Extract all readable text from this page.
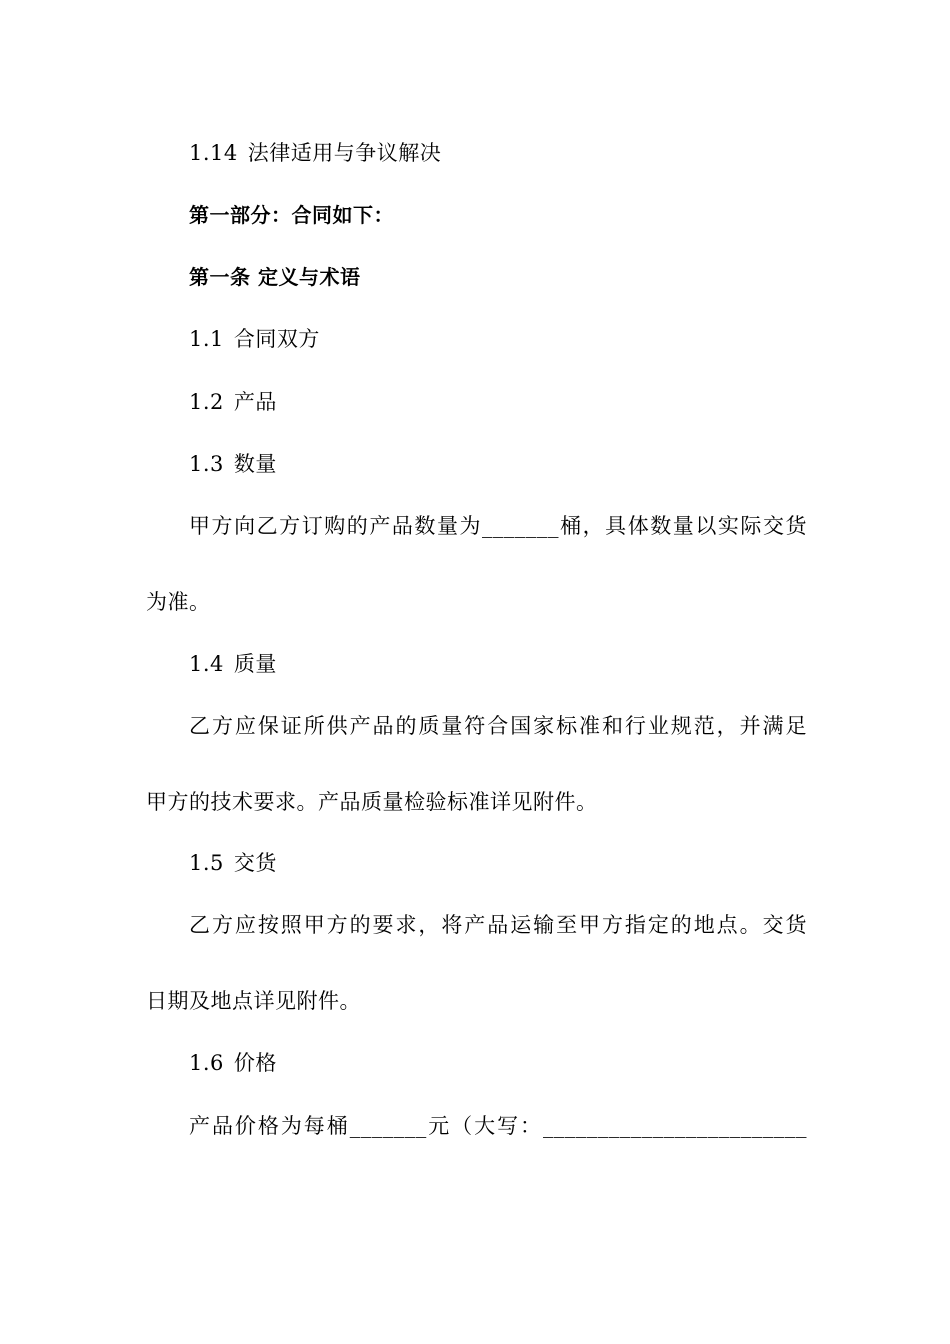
1.14 法律适用与争议解决
第一部分：合同如下：
第一条 定义与术语
1.1 合同双方
1.2 产品
1.3 数量
甲方向乙方订购的产品数量为_______桶，具体数量以实际交货
为准。
1.4 质量
乙方应保证所供产品的质量符合国家标准和行业规范，并满足
甲方的技术要求。产品质量检验标准详见附件。
1.5 交货
乙方应按照甲方的要求，将产品运输至甲方指定的地点。交货
日期及地点详见附件。
1.6 价格
产品价格为每桶_______元（大写：________________________
